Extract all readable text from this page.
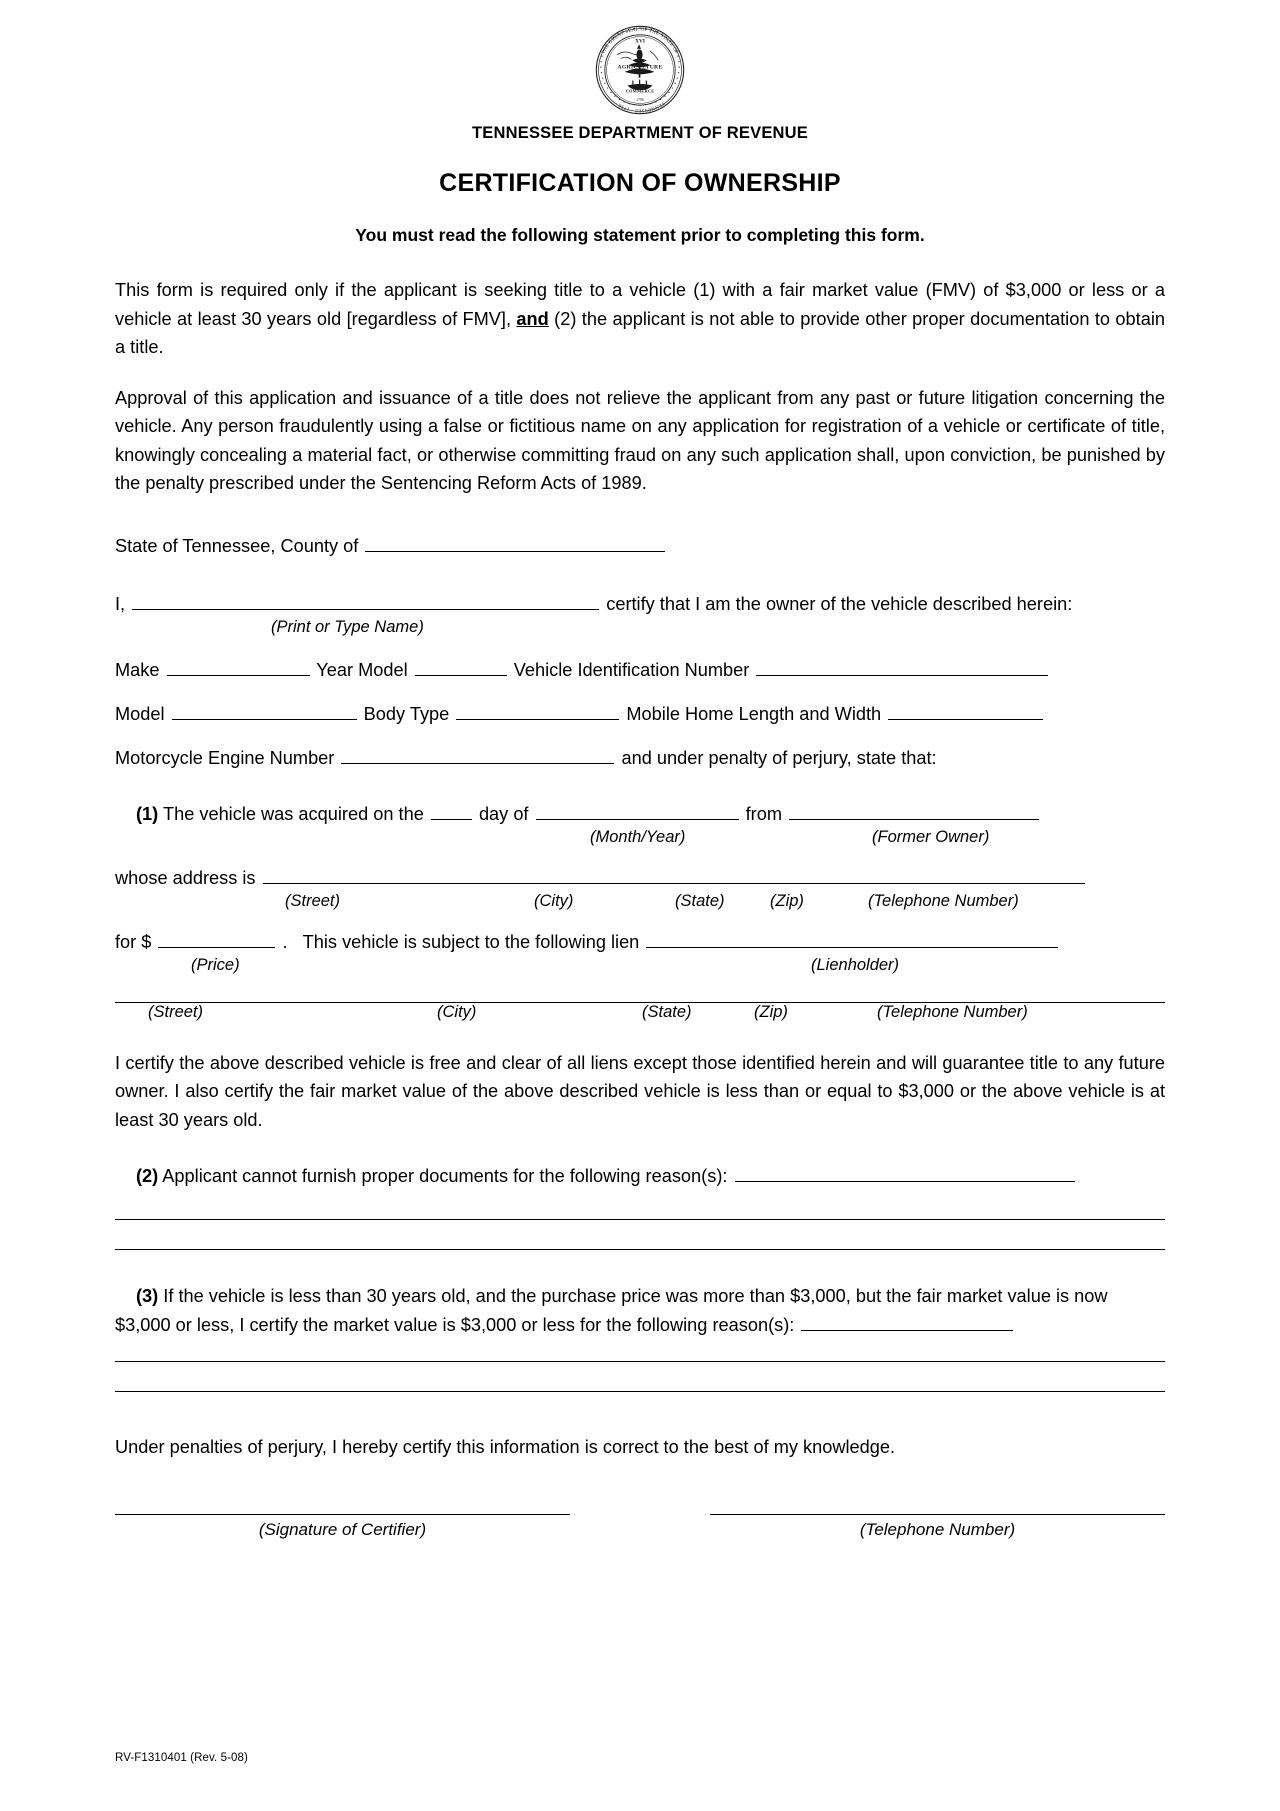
THE GREAT SEAL OF THE STATE OF
TENNESSEE · 1796 ·
XVI
AGRICULTURE
COMMERCE
· 1796 ·
TENNESSEE DEPARTMENT OF REVENUE
CERTIFICATION OF OWNERSHIP
You must read the following statement prior to completing this form.

This form is required only if the applicant is seeking title to a vehicle (1) with a fair market value (FMV) of $3,000 or less or a vehicle at least 30 years old [regardless of FMV], and (2) the applicant is not able to provide other proper documentation to obtain a title.

Approval of this application and issuance of a title does not relieve the applicant from any past or future litigation concerning the vehicle. Any person fraudulently using a false or fictitious name on any application for registration of a vehicle or certificate of title, knowingly concealing a material fact, or otherwise committing fraud on any such application shall, upon conviction, be punished by the penalty prescribed under the Sentencing Reform Acts of 1989.

State of Tennessee, County of
I,	certify that I am the owner of the vehicle described herein:
(Print or Type Name)
Make	Year Model	Vehicle Identification Number
Model	Body Type	Mobile Home Length and Width
Motorcycle Engine Number	and under penalty of perjury, state that:
(1) The vehicle was acquired on the	day of	from
(Month/Year)	(Former Owner)
whose address is
(Street)	(City)	(State)	(Zip)	(Telephone Number)
for $	. This vehicle is subject to the following lien
(Price)	(Lienholder)
(Street)	(City)	(State)	(Zip)	(Telephone Number)

I certify the above described vehicle is free and clear of all liens except those identified herein and will guarantee title to any future owner. I also certify the fair market value of the above described vehicle is less than or equal to $3,000 or the above vehicle is at least 30 years old.

(2) Applicant cannot furnish proper documents for the following reason(s):
(3) If the vehicle is less than 30 years old, and the purchase price was more than $3,000, but the fair market value is now $3,000 or less, I certify the market value is $3,000 or less for the following reason(s):
Under penalties of perjury, I hereby certify this information is correct to the best of my knowledge.
(Signature of Certifier)	(Telephone Number)
RV-F1310401 (Rev. 5-08)
